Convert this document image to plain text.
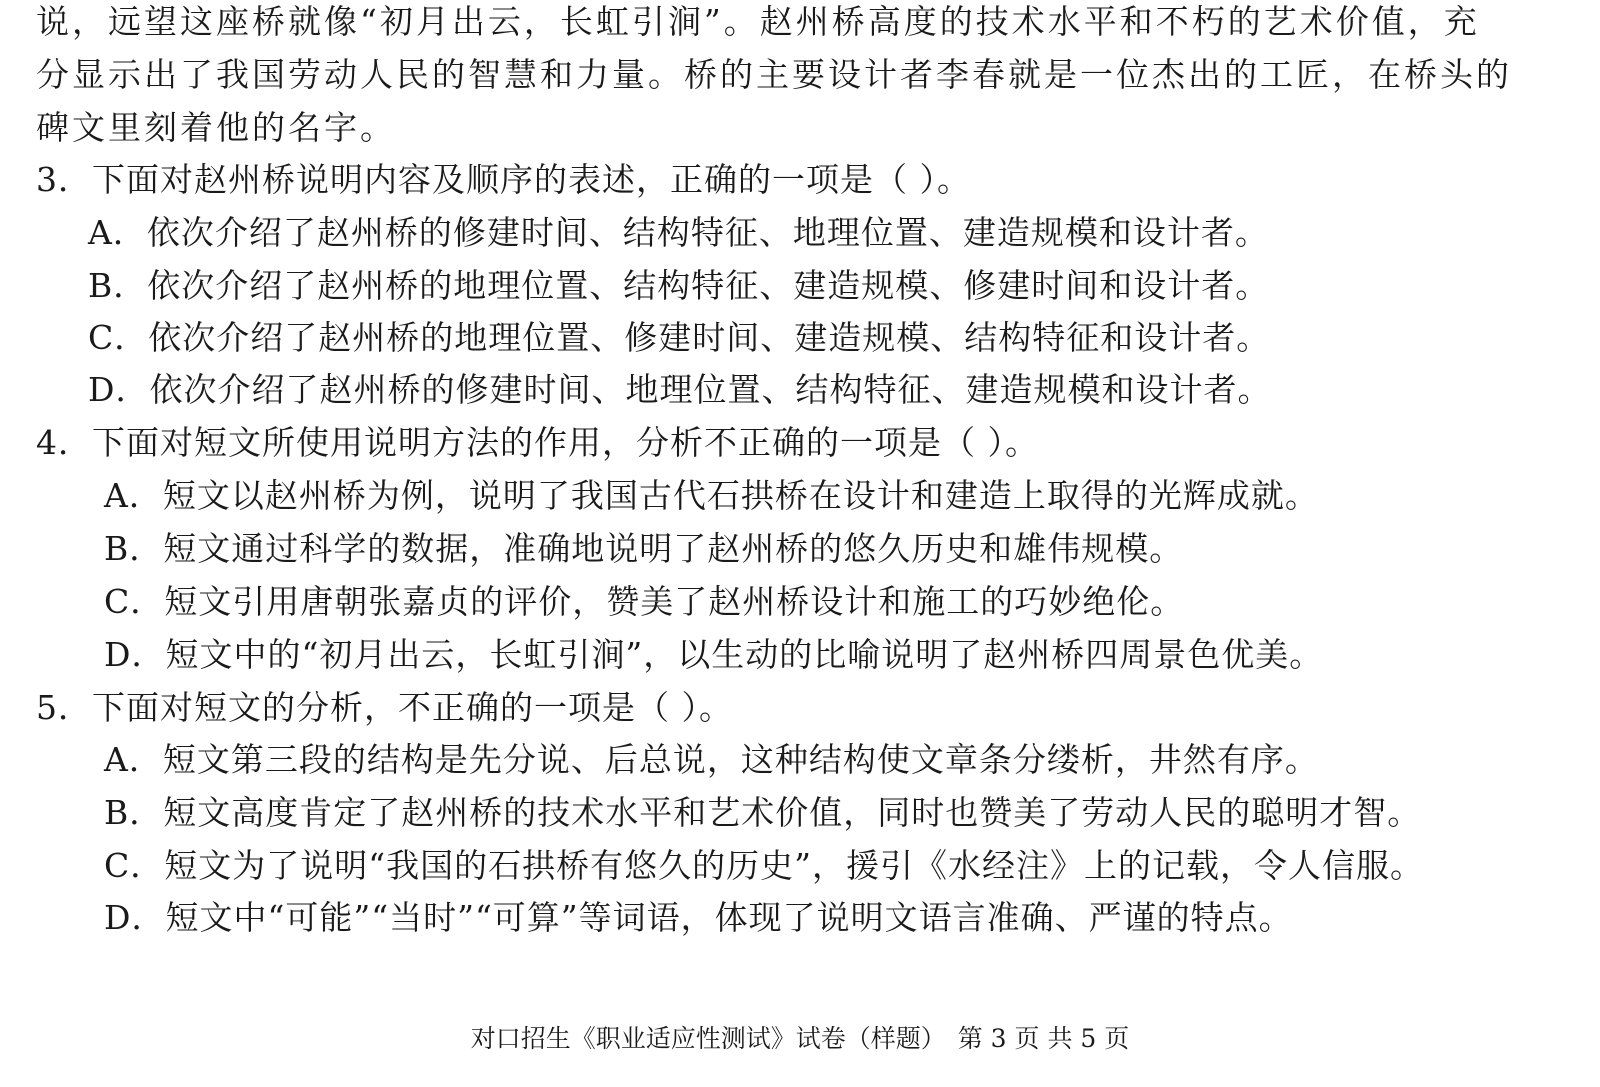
说，远望这座桥就像“初月出云，长虹引涧”。赵州桥高度的技术水平和不朽的艺术价值，充
分显示出了我国劳动人民的智慧和力量。桥的主要设计者李春就是一位杰出的工匠，在桥头的
碑文里刻着他的名字。
3．下面对赵州桥说明内容及顺序的表述，正确的一项是（ ）。
A．依次介绍了赵州桥的修建时间、结构特征、地理位置、建造规模和设计者。
B．依次介绍了赵州桥的地理位置、结构特征、建造规模、修建时间和设计者。
C．依次介绍了赵州桥的地理位置、修建时间、建造规模、结构特征和设计者。
D．依次介绍了赵州桥的修建时间、地理位置、结构特征、建造规模和设计者。
4．下面对短文所使用说明方法的作用，分析不正确的一项是（ ）。
A．短文以赵州桥为例，说明了我国古代石拱桥在设计和建造上取得的光辉成就。
B．短文通过科学的数据，准确地说明了赵州桥的悠久历史和雄伟规模。
C．短文引用唐朝张嘉贞的评价，赞美了赵州桥设计和施工的巧妙绝伦。
D．短文中的“初月出云，长虹引涧”，以生动的比喻说明了赵州桥四周景色优美。
5．下面对短文的分析，不正确的一项是（ ）。
A．短文第三段的结构是先分说、后总说，这种结构使文章条分缕析，井然有序。
B．短文高度肯定了赵州桥的技术水平和艺术价值，同时也赞美了劳动人民的聪明才智。
C．短文为了说明“我国的石拱桥有悠久的历史”，援引《水经注》上的记载，令人信服。
D．短文中“可能”“当时”“可算”等词语，体现了说明文语言准确、严谨的特点。
对口招生《职业适应性测试》试卷（样题） 第 3 页 共 5 页
